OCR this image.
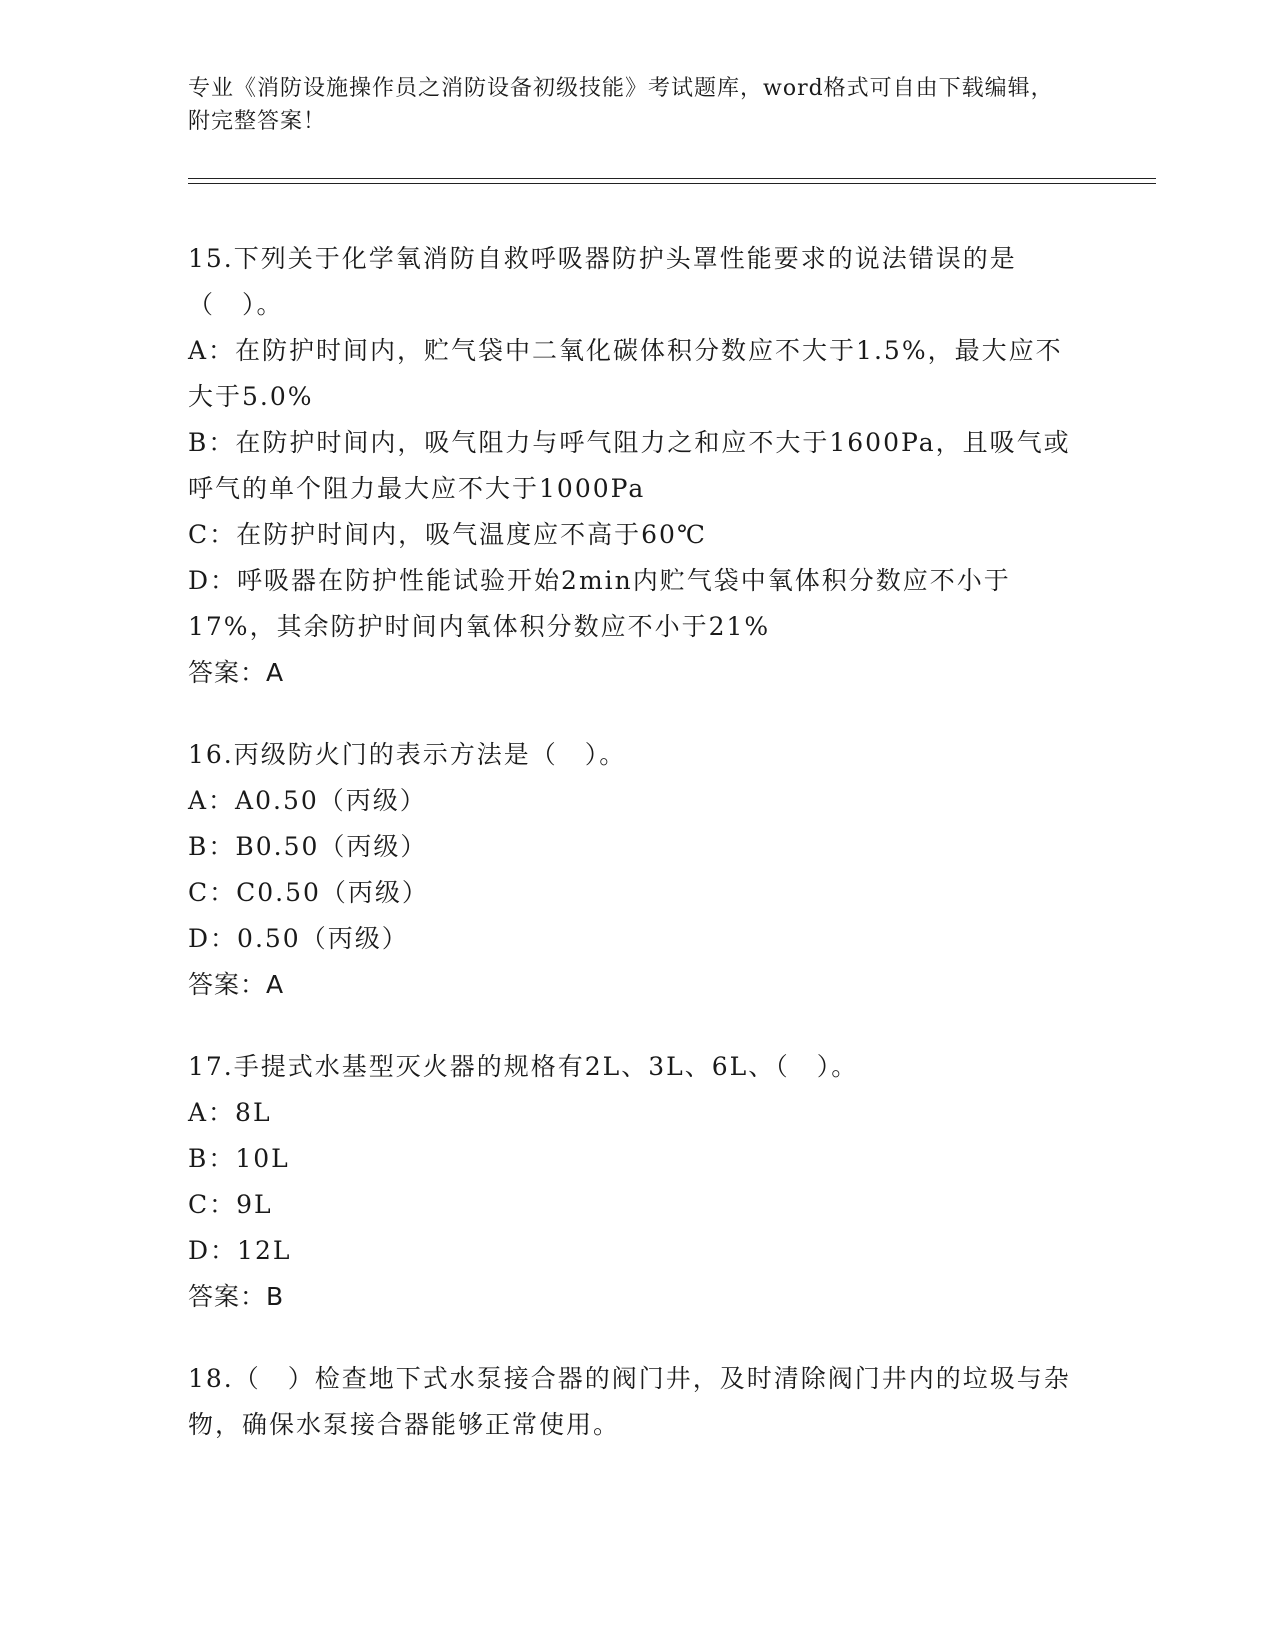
专业《消防设施操作员之消防设备初级技能》考试题库，word格式可自由下载编辑，附完整答案！

15.下列关于化学氧消防自救呼吸器防护头罩性能要求的说法错误的是（　）。

A：在防护时间内，贮气袋中二氧化碳体积分数应不大于1.5%，最大应不大于5.0%

B：在防护时间内，吸气阻力与呼气阻力之和应不大于1600Pa，且吸气或呼气的单个阻力最大应不大于1000Pa

C：在防护时间内，吸气温度应不高于60℃

D：呼吸器在防护性能试验开始2min内贮气袋中氧体积分数应不小于17%，其余防护时间内氧体积分数应不小于21%

答案：A

16.丙级防火门的表示方法是（　）。

A：A0.50（丙级）

B：B0.50（丙级）

C：C0.50（丙级）

D：0.50（丙级）

答案：A

17.手提式水基型灭火器的规格有2L、3L、6L、（　）。

A：8L

B：10L

C：9L

D：12L

答案：B

18.（　）检查地下式水泵接合器的阀门井，及时清除阀门井内的垃圾与杂物，确保水泵接合器能够正常使用。
